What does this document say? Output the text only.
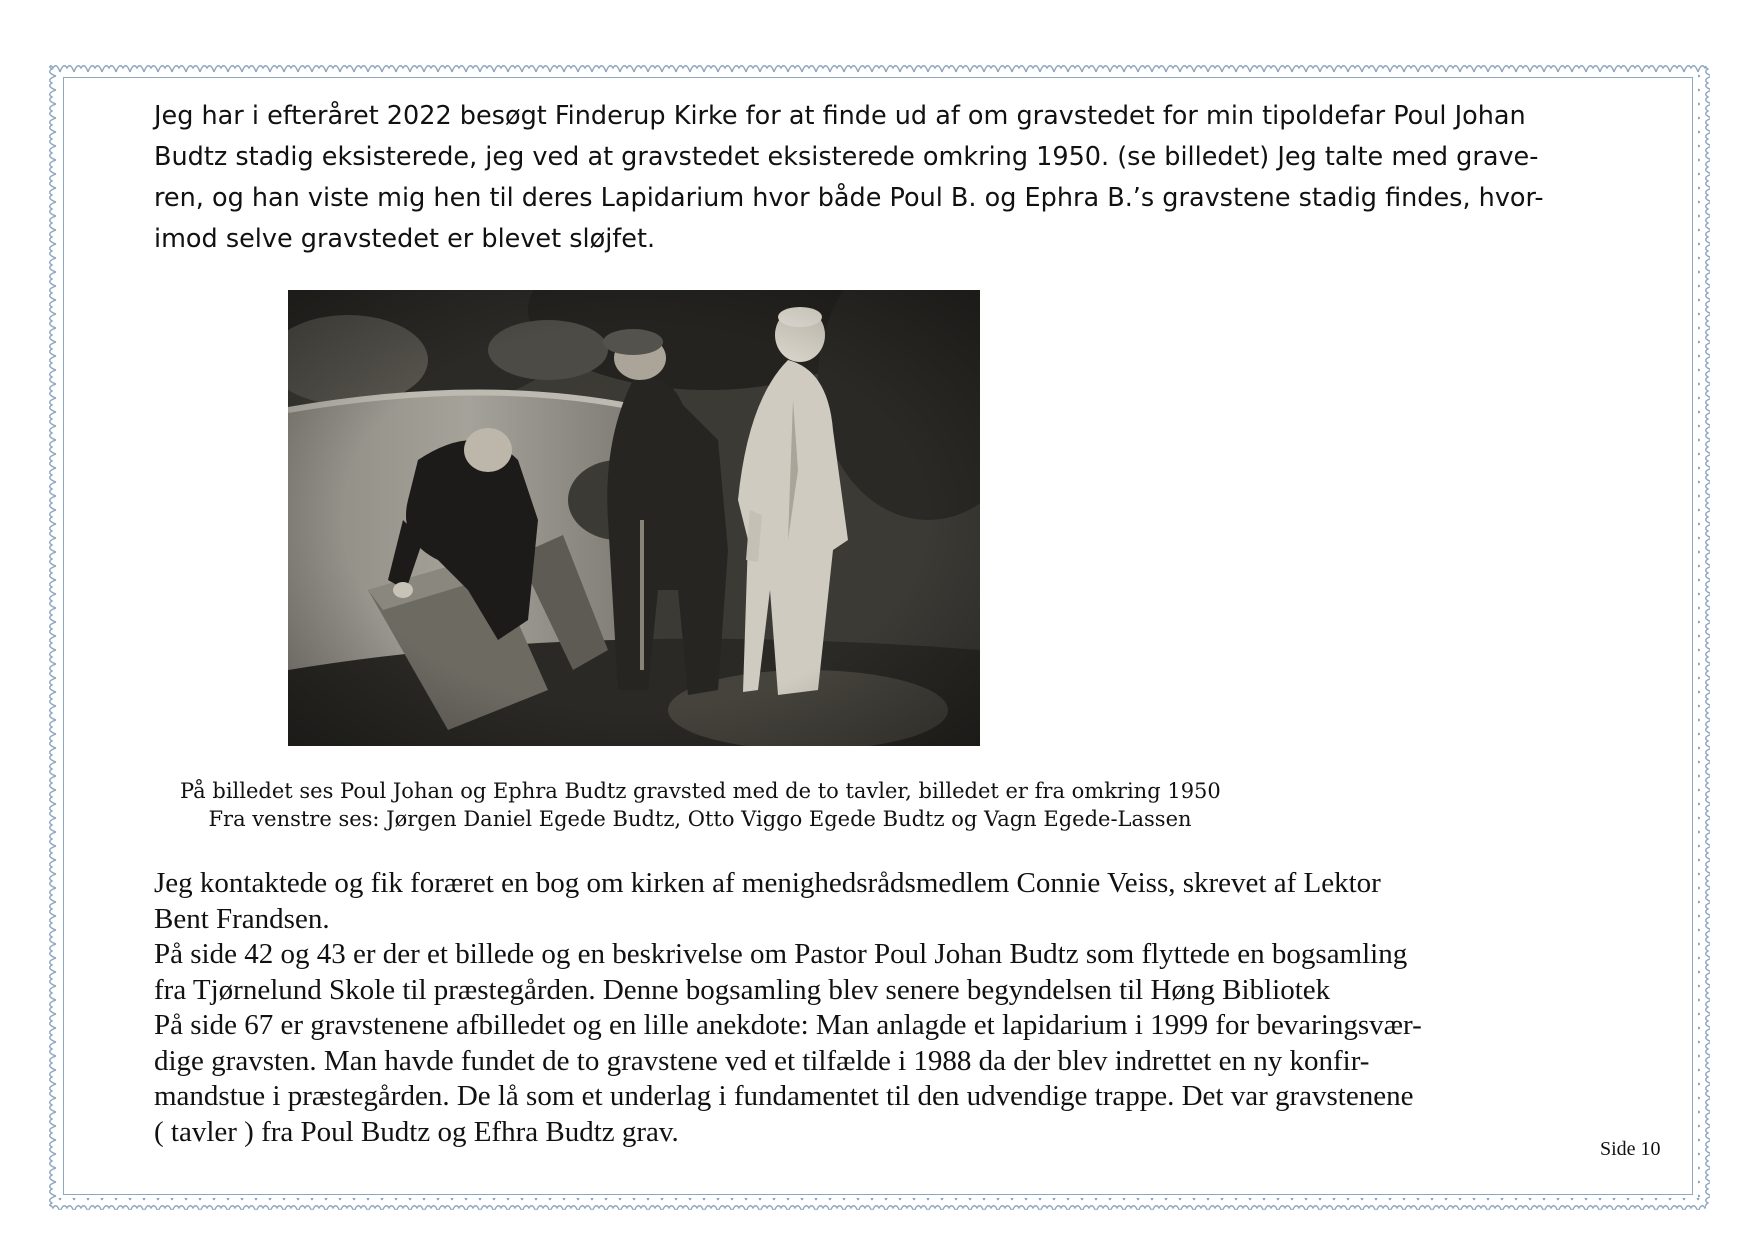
Jeg har i efteråret 2022 besøgt Finderup Kirke for at finde ud af om gravstedet for min tipoldefar Poul Johan
Budtz stadig eksisterede, jeg ved at gravstedet eksisterede omkring 1950. (se billedet) Jeg talte med grave-
ren, og han viste mig hen til deres Lapidarium hvor både Poul B. og Ephra B.’s gravstene stadig findes, hvor-
imod selve gravstedet er blevet sløjfet.

På billedet ses Poul Johan og Ephra Budtz gravsted med de to tavler, billedet er fra omkring 1950
Fra venstre ses: Jørgen Daniel Egede Budtz, Otto Viggo Egede Budtz og Vagn Egede-Lassen

Jeg kontaktede og fik foræret en bog om kirken af menighedsrådsmedlem Connie Veiss, skrevet af Lektor
Bent Frandsen.
På side 42 og 43 er der et billede og en beskrivelse om Pastor Poul Johan Budtz som flyttede en bogsamling
fra Tjørnelund Skole til præstegården. Denne bogsamling blev senere begyndelsen til Høng Bibliotek
På side 67 er gravstenene afbilledet og en lille anekdote: Man anlagde et lapidarium i 1999 for bevaringsvær-
dige gravsten. Man havde fundet de to gravstene ved et tilfælde i 1988 da der blev indrettet en ny konfir-
mandstue i præstegården. De lå som et underlag i fundamentet til den udvendige trappe. Det var gravstenene
( tavler ) fra Poul Budtz og Efhra Budtz grav.

Side 10
